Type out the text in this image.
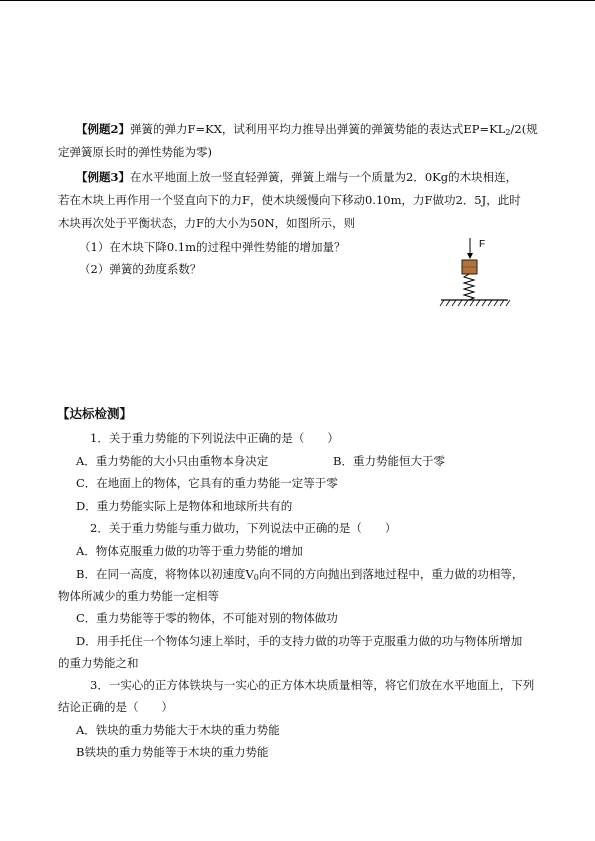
【例题2】弹簧的弹力F=KX，试利用平均力推导出弹簧的弹簧势能的表达式$EP=KL_2/2$(规
定弹簧原长时的弹性势能为零)
【例题3】在水平地面上放一竖直轻弹簧，弹簧上端与一个质量为2．0Kg的木块相连，
若在木块上再作用一个竖直向下的力F，使木块缓慢向下移动0.10m，力F做功2．5J，此时
木块再次处于平衡状态，力F的大小为50N，如图所示，则
（1）在木块下降0.1m的过程中弹性势能的增加量？
（2）弹簧的劲度系数？
F
【达标检测】
1．关于重力势能的下列说法中正确的是（　　）
A．重力势能的大小只由重物本身决定	B．重力势能恒大于零
C．在地面上的物体，它具有的重力势能一定等于零
D．重力势能实际上是物体和地球所共有的
2．关于重力势能与重力做功，下列说法中正确的是（　　）
A．物体克服重力做的功等于重力势能的增加
B．在同一高度，将物体以初速度$V_0$向不同的方向抛出到落地过程中，重力做的功相等，
物体所减少的重力势能一定相等
C．重力势能等于零的物体，不可能对别的物体做功
D．用手托住一个物体匀速上举时，手的支持力做的功等于克服重力做的功与物体所增加
的重力势能之和
3．一实心的正方体铁块与一实心的正方体木块质量相等，将它们放在水平地面上，下列
结论正确的是（　　）
A．铁块的重力势能大于木块的重力势能
B铁块的重力势能等于木块的重力势能
